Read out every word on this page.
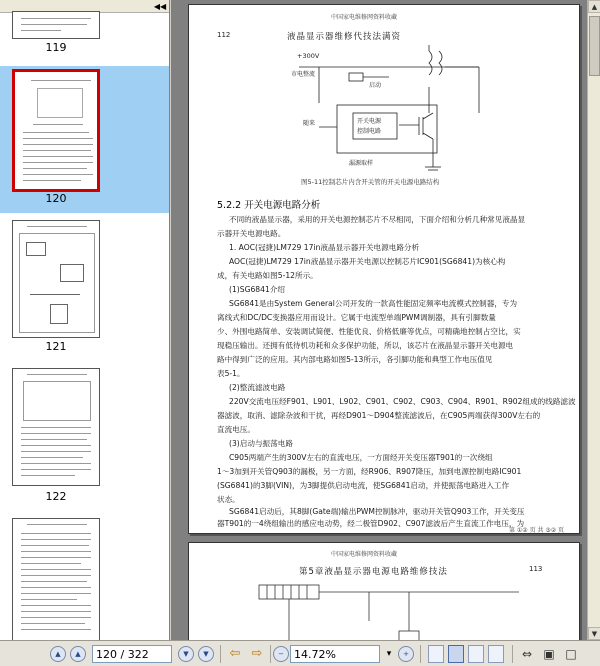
◀◀
119
120
121
122
中国家电维修网资料收藏
112	液晶显示器维修代技法满资
+300V
市电整流
启动
开关电源
控制电路
随来
漏源取样
图5-11控制芯片内含开关管的开关电源电路结构
5.2.2 开关电源电路分析
不同的液晶显示器，采用的开关电源控制芯片不尽相同，下面介绍和分析几种常见液晶显
示器开关电源电路。
1. AOC(冠捷)LM729 17in液晶显示器开关电源电路分析
AOC(冠捷)LM729 17in液晶显示器开关电源以控制芯片IC901(SG6841)为核心构
成，有关电路如图5-12所示。
(1)SG6841介绍
SG6841是由System General公司开发的一款高性能固定频率电流模式控制器，专为
离线式和DC/DC变换器应用而设计。它属于电流型单端PWM调制器，具有引脚数量
少、外围电路简单、安装调试简便、性能优良、价格低廉等优点，可精确地控制占空比，实
现稳压输出。还拥有低待机功耗和众多保护功能，所以，该芯片在液晶显示器开关电源电
路中得到广泛的应用。其内部电路如图5-13所示，各引脚功能和典型工作电压值见
表5-1。
(2)整流滤波电路
220V交流电压经F901、L901、L902、C901、C902、C903、C904、R901、R902组成的线路滤波
器滤波，取消、滤除杂波和干扰，再经D901～D904整流滤波后，在C905两端获得300V左右的
直流电压。
(3)启动与振荡电路
C905两端产生的300V左右的直流电压，一方面经开关变压器T901的一次绕组
1～3加到开关管Q903的漏极，另一方面，经R906、R907降压，加到电源控制电路IC901
(SG6841)的3脚(VIN)，为3脚提供启动电流，使SG6841启动，并使振荡电路进入工作
状态。
SG6841启动后，其8脚(Gate端)输出PWM控制脉冲，驱动开关管Q903工作，开关变压
器T901的一4绕组输出的感应电动势，经二极管D902、C907滤波后产生直流工作电压，为
第 ①② 页 共 ③② 页
中国家电维修网资料收藏
第5章液晶显示器电源电路维修技法	113
▲
▼
▲	▲
120 / 322	▼	▼	⇦ ⇨	−
14.72%	▾	+	⇔ ▣ □
